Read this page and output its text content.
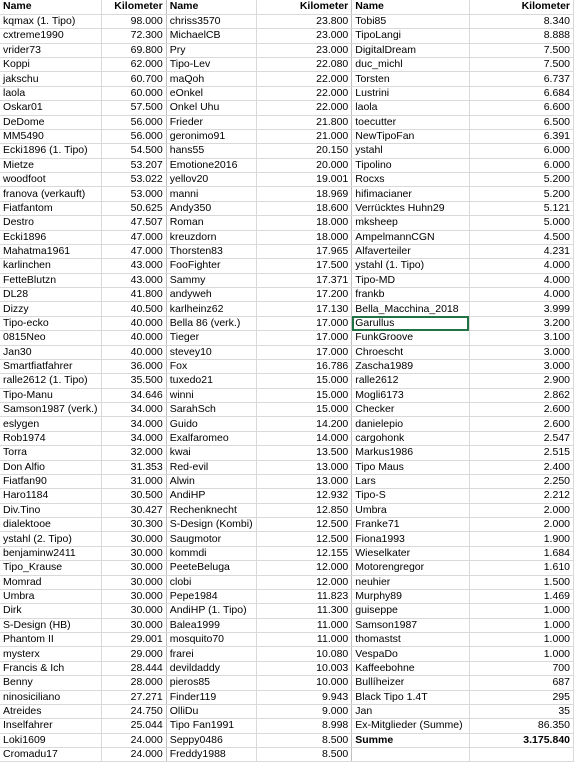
Name	Kilometer	Name	Kilometer	Name	Kilometer
kqmax (1. Tipo)	98.000	chriss3570	23.800	Tobi85	8.340
cxtreme1990	72.300	MichaelCB	23.000	TipoLangi	8.888
vrider73	69.800	Pry	23.000	DigitalDream	7.500
Koppi	62.000	Tipo-Lev	22.080	duc_michl	7.500
jakschu	60.700	maQoh	22.000	Torsten	6.737
laola	60.000	eOnkel	22.000	Lustrini	6.684
Oskar01	57.500	Onkel Uhu	22.000	laola	6.600
DeDome	56.000	Frieder	21.800	toecutter	6.500
MM5490	56.000	geronimo91	21.000	NewTipoFan	6.391
Ecki1896 (1. Tipo)	54.500	hans55	20.150	ystahl	6.000
Mietze	53.207	Emotione2016	20.000	Tipolino	6.000
woodfoot	53.022	yellov20	19.001	Rocxs	5.200
franova (verkauft)	53.000	manni	18.969	hifimacianer	5.200
Fiatfantom	50.625	Andy350	18.600	Verrücktes Huhn29	5.121
Destro	47.507	Roman	18.000	mksheep	5.000
Ecki1896	47.000	kreuzdorn	18.000	AmpelmannCGN	4.500
Mahatma1961	47.000	Thorsten83	17.965	Alfaverteiler	4.231
karlinchen	43.000	FooFighter	17.500	ystahl (1. Tipo)	4.000
FetteBlutzn	43.000	Sammy	17.371	Tipo-MD	4.000
DL28	41.800	andyweh	17.200	frankb	4.000
Dizzy	40.500	karlheinz62	17.130	Bella_Macchina_2018	3.999
Tipo-ecko	40.000	Bella 86 (verk.)	17.000	Garullus	3.200
0815Neo	40.000	Tieger	17.000	FunkGroove	3.100
Jan30	40.000	stevey10	17.000	Chroescht	3.000
Smartfiatfahrer	36.000	Fox	16.786	Zascha1989	3.000
ralle2612 (1. Tipo)	35.500	tuxedo21	15.000	ralle2612	2.900
Tipo-Manu	34.646	winni	15.000	Mogli6173	2.862
Samson1987 (verk.)	34.000	SarahSch	15.000	Checker	2.600
eslygen	34.000	Guido	14.200	danielepio	2.600
Rob1974	34.000	Exalfaromeo	14.000	cargohonk	2.547
Torra	32.000	kwai	13.500	Markus1986	2.515
Don Alfio	31.353	Red-evil	13.000	Tipo Maus	2.400
Fiatfan90	31.000	Alwin	13.000	Lars	2.250
Haro1184	30.500	AndiHP	12.932	Tipo-S	2.212
Div.Tino	30.427	Rechenknecht	12.850	Umbra	2.000
dialektooe	30.300	S-Design (Kombi)	12.500	Franke71	2.000
ystahl (2. Tipo)	30.000	Saugmotor	12.500	Fiona1993	1.900
benjaminw2411	30.000	kommdi	12.155	Wieselkater	1.684
Tipo_Krause	30.000	PeeteBeluga	12.000	Motorengregor	1.610
Momrad	30.000	clobi	12.000	neuhier	1.500
Umbra	30.000	Pepe1984	11.823	Murphy89	1.469
Dirk	30.000	AndiHP (1. Tipo)	11.300	guiseppe	1.000
S-Design (HB)	30.000	Balea1999	11.000	Samson1987	1.000
Phantom II	29.001	mosquito70	11.000	thomastst	1.000
mysterx	29.000	frarei	10.080	VespaDo	1.000
Francis & Ich	28.444	devildaddy	10.003	Kaffeebohne	700
Benny	28.000	pieros85	10.000	Bullíheizer	687
ninosiciliano	27.271	Finder119	9.943	Black Tipo 1.4T	295
Atreides	24.750	OlliDu	9.000	Jan	35
Inselfahrer	25.044	Tipo Fan1991	8.998	Ex-Mitglieder (Summe)	86.350
Loki1609	24.000	Seppy0486	8.500	Summe	3.175.840
Cromadu17	24.000	Freddy1988	8.500		
